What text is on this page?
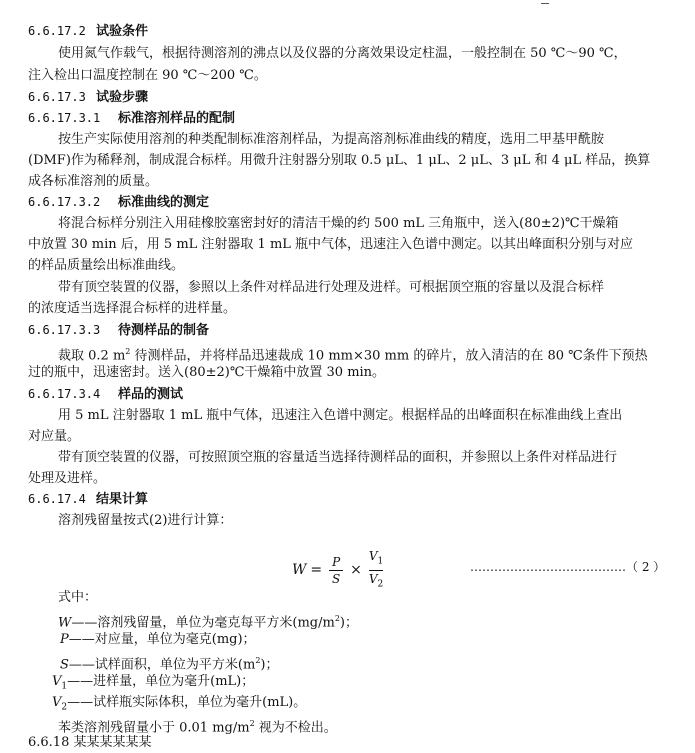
6.6.17.2 试验条件
使用氮气作载气，根据待测溶剂的沸点以及仪器的分离效果设定柱温，一般控制在 50 ℃～90 ℃，
注入检出口温度控制在 90 ℃～200 ℃。
6.6.17.3 试验步骤
6.6.17.3.1 标准溶剂样品的配制
按生产实际使用溶剂的种类配制标准溶剂样品，为提高溶剂标准曲线的精度，选用二甲基甲酰胺
(DMF)作为稀释剂，制成混合标样。用微升注射器分别取 0.5 μL、1 μL、2 μL、3 μL 和 4 μL 样品，换算
成各标准溶剂的质量。
6.6.17.3.2 标准曲线的测定
将混合标样分别注入用硅橡胶塞密封好的清洁干燥的约 500 mL 三角瓶中，送入(80±2)℃干燥箱
中放置 30 min 后，用 5 mL 注射器取 1 mL 瓶中气体，迅速注入色谱中测定。以其出峰面积分别与对应
的样品质量绘出标准曲线。
带有顶空装置的仪器，参照以上条件对样品进行处理及进样。可根据顶空瓶的容量以及混合标样
的浓度适当选择混合标样的进样量。
6.6.17.3.3 待测样品的制备
裁取 0.2 $m^2$ 待测样品，并将样品迅速裁成 10 mm×30 mm 的碎片，放入清洁的在 80 ℃条件下预热
过的瓶中，迅速密封。送入(80±2)℃干燥箱中放置 30 min。
6.6.17.3.4 样品的测试
用 5 mL 注射器取 1 mL 瓶中气体，迅速注入色谱中测定。根据样品的出峰面积在标准曲线上查出
对应量。
带有顶空装置的仪器，可按照顶空瓶的容量适当选择待测样品的面积，并参照以上条件对样品进行
处理及进样。
6.6.17.4 结果计算
溶剂残留量按式(2)进行计算：
$W = \frac{P}{S} \times \frac{V_1}{V_2}$	…………………………………（ 2 ）
式中：
W——溶剂残留量，单位为毫克每平方米$(mg/m^2)$；
P——对应量，单位为毫克(mg)；
S——试样面积，单位为平方米$(m^2)$；
$V_1——$进样量，单位为毫升(mL)；
$V_2——$试样瓶实际体积，单位为毫升(mL)。
苯类溶剂残留量小于 0.01 $mg/m^2$ 视为不检出。
6.6.18 某某某某某某
